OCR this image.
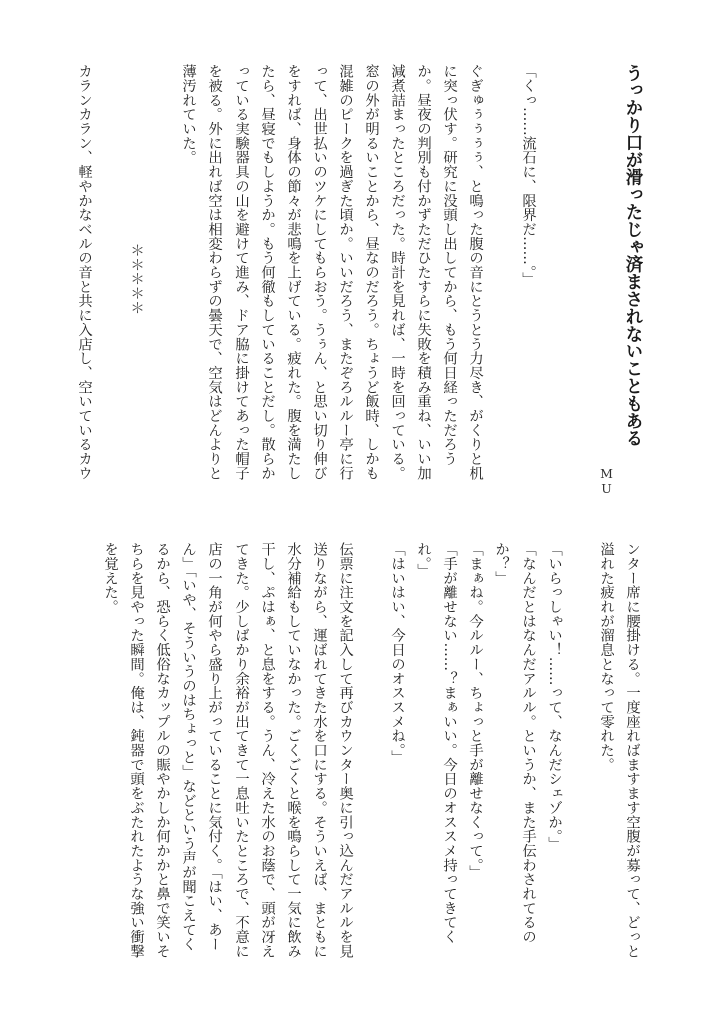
うっかり口が滑ったじゃ済まされないこともある
MU
「くっ……流石に、限界だ……。」
ぐぎゅぅぅぅぅ、と鳴った腹の音にとうとう力尽き、がくりと机
に突っ伏す。研究に没頭し出してから、もう何日経っただろう
か。昼夜の判別も付かずただひたすらに失敗を積み重ね、いい加
減煮詰まったところだった。時計を見れば、一時を回っている。
窓の外が明るいことから、昼なのだろう。ちょうど飯時、しかも
混雑のピークを過ぎた頃か。いいだろう、またぞろルルー亭に行
って、出世払いのツケにしてもらおう。うぅん、と思い切り伸び
をすれば、身体の節々が悲鳴を上げている。疲れた。腹を満たし
たら、昼寝でもしようか。もう何徹もしていることだし。散らか
っている実験器具の山を避けて進み、ドア脇に掛けてあった帽子
を被る。外に出れば空は相変わらずの曇天で、空気はどんよりと
薄汚れていた。
＊＊＊＊＊
カランカラン、軽やかなベルの音と共に入店し、空いているカウ
ンター席に腰掛ける。一度座ればますます空腹が募って、どっと
溢れた疲れが溜息となって零れた。
「いらっしゃい！……って、なんだシェゾか。」
「なんだとはなんだアルル。というか、また手伝わされてるの
か？」
「まぁね。今ルルー、ちょっと手が離せなくって。」
「手が離せない……？まぁいい。今日のオススメ持ってきてく
れ。」
「はいはい、今日のオススメね。」
伝票に注文を記入して再びカウンター奥に引っ込んだアルルを見
送りながら、運ばれてきた水を口にする。そういえば、まともに
水分補給もしていなかった。ごくごくと喉を鳴らして一気に飲み
干し、ぷはぁ、と息をする。うん、冷えた水のお蔭で、頭が冴え
てきた。少しばかり余裕が出てきて一息吐いたところで、不意に
店の一角が何やら盛り上がっていることに気付く。「はい、あー
ん」「いや、そういうのはちょっと」などという声が聞こえてく
るから、恐らく低俗なカップルの賑やかしか何かかと鼻で笑いそ
ちらを見やった瞬間。俺は、鈍器で頭をぶたれたような強い衝撃
を覚えた。
